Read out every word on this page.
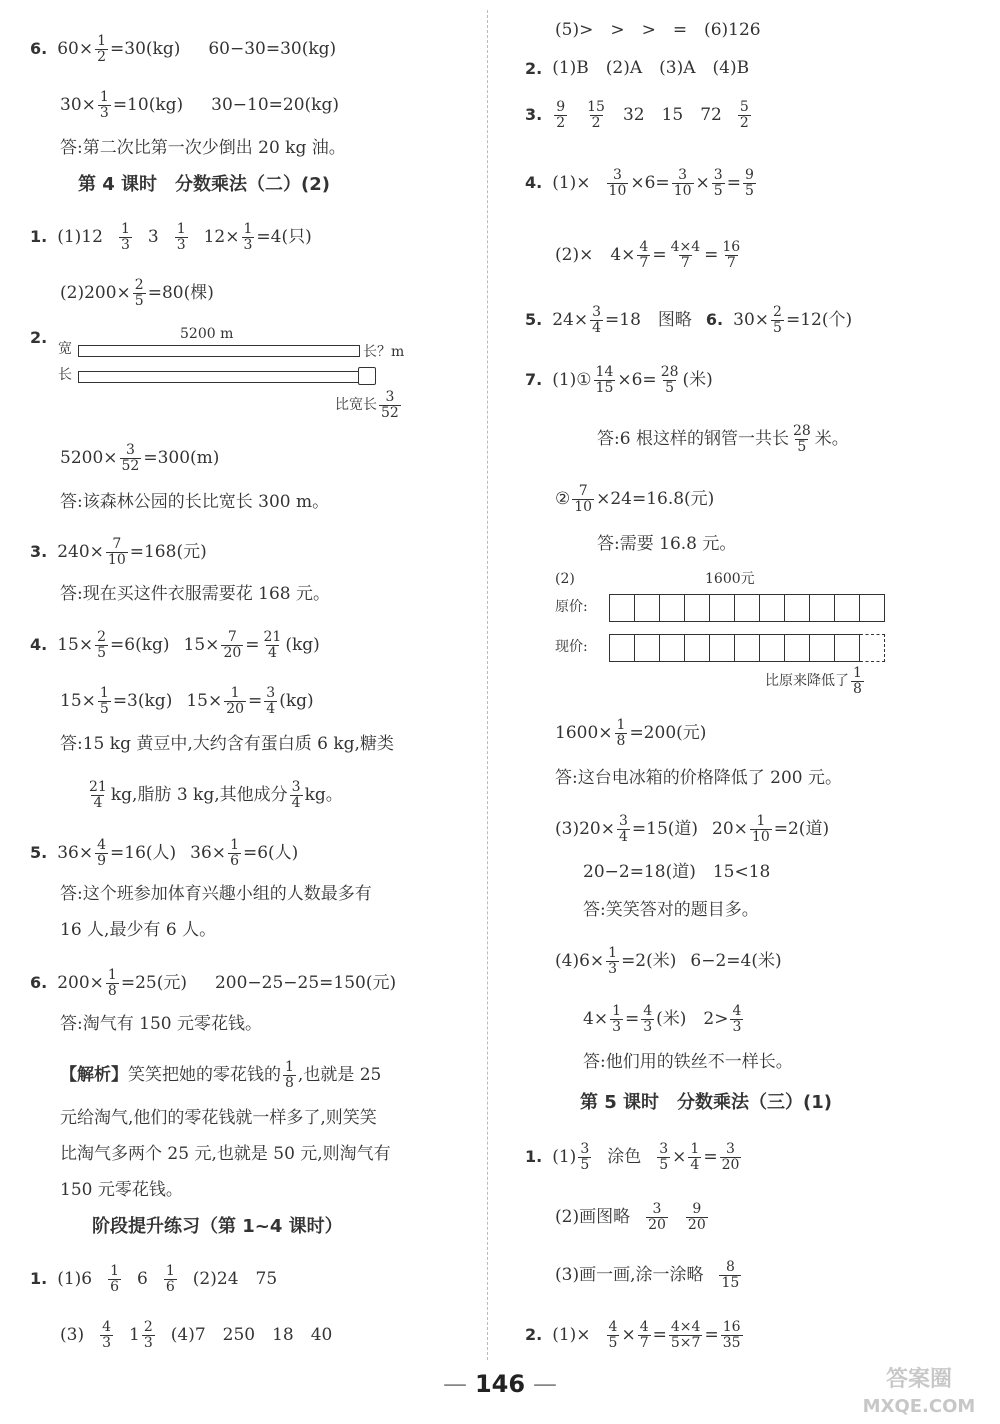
6. $60\times \frac{1}{2} =30(kg)$ 60−30=30(kg)
$30\times \frac{1}{3} =10(kg)$ 30−10=20(kg)
答:第二次比第一次少倒出 20 kg 油。
第 4 课时　分数乘法（二）(2)
1. $(1)12 \frac{1}{3} 3 \frac{1}{3} 12\times \frac{1}{3} =4$(只)
$(2)200\times \frac{2}{5} =80$(棵)
2.	5200 m
宽	长？m
长
比宽长 $\frac{3}{52}$
$5200\times \frac{3}{52} =300(m)$
答:该森林公园的长比宽长 300 m。
3. $240\times \frac{7}{10} =168$(元)
答:现在买这件衣服需要花 168 元。
4. $15\times \frac{2}{5} =6(kg)$ $15\times \frac{7}{20} = \frac{21}{4} (kg)$
$15\times \frac{1}{5} =3(kg)$ $15\times \frac{1}{20} = \frac{3}{4} (kg)$
答:15 kg 黄豆中,大约含有蛋白质 6 kg,糖类
$\frac{21}{4}$ kg,脂肪 3 kg,其他成分 $\frac{3}{4}$ kg。
5. $36\times \frac{4}{9} =16$(人) $36\times \frac{1}{6} =6$(人)
答:这个班参加体育兴趣小组的人数最多有
16 人,最少有 6 人。
6. $200\times \frac{1}{8} =25$(元) 200−25−25=150(元)
答:淘气有 150 元零花钱。
【解析】 笑笑把她的零花钱的 $\frac{1}{8}$ ,也就是 25
元给淘气,他们的零花钱就一样多了,则笑笑
比淘气多两个 25 元,也就是 50 元,则淘气有
150 元零花钱。
阶段提升练习（第 1~4 课时）
1. $(1)6 \frac{1}{6} 6 \frac{1}{6} (2)24$　75
$(3) \frac{4}{3} 1 \frac{2}{3} (4)7$　250　18　40
(5)>　>　>　=　(6)126
2. (1)B　(2)A　(3)A　(4)B
3. $\frac{9}{2} \frac{15}{2} 32$　15　$72 \frac{5}{2}$
4. $(1)\times \frac{3}{10} \times 6= \frac{3}{10} \times \frac{3}{5} = \frac{9}{5}$
(2)×　$4\times \frac{4}{7} = \frac{4\times 4}{7} = \frac{16}{7}$
5. $24\times \frac{3}{4} =18$　图略 6. $30\times \frac{2}{5} =12$(个)
7. (1)① $\frac{14}{15} \times 6= \frac{28}{5}$ (米)
答:6 根这样的钢管一共长 $\frac{28}{5}$ 米。
② $\frac{7}{10} \times 24=16.8$(元)
答:需要 16.8 元。
(2)	1600元
原价:
现价:
比原来降低了 $\frac{1}{8}$
$1600\times \frac{1}{8} =200$(元)
答:这台电冰箱的价格降低了 200 元。
$(3)20\times \frac{3}{4} =15$(道) $20\times \frac{1}{10} =2$(道)
20−2=18(道)　15<18
答:笑笑答对的题目多。
$(4)6\times \frac{1}{3} =2$(米) 6−2=4(米)
$4\times \frac{1}{3} = \frac{4}{3}$ (米)　$2> \frac{4}{3}$
答:他们用的铁丝不一样长。
第 5 课时　分数乘法（三）(1)
1. $(1) \frac{3}{5}$ 涂色 $\frac{3}{5} \times \frac{1}{4} = \frac{3}{20}$
(2)画图略 $\frac{3}{20} \frac{9}{20}$
(3)画一画,涂一涂略 $\frac{8}{15}$
2. $(1)\times \frac{4}{5} \times \frac{4}{7} = \frac{4\times 4}{5\times 7} = \frac{16}{35}$
— 146 —	答案圈
MXQE.COM
